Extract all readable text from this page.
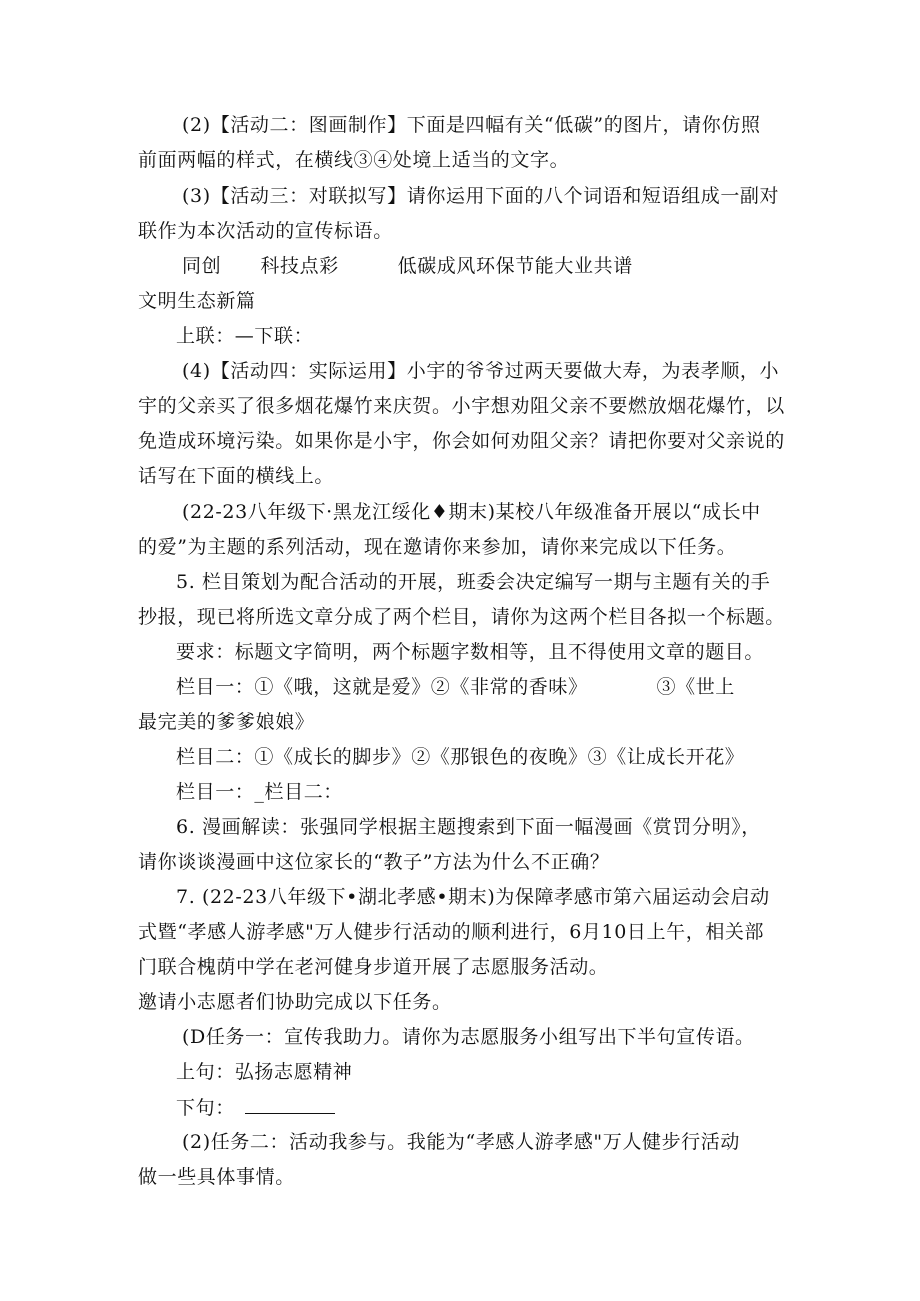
(2)【活动二：图画制作】下面是四幅有关“低碳”的图片，请你仿照
前面两幅的样式，在横线③④处境上适当的文字。
(3)【活动三：对联拟写】请你运用下面的八个词语和短语组成一副对
联作为本次活动的宣传标语。
同创　　科技点彩　　　低碳成风环保节能大业共谱
文明生态新篇
上联：—下联：
(4)【活动四：实际运用】小宇的爷爷过两天要做大寿，为表孝顺，小
宇的父亲买了很多烟花爆竹来庆贺。小宇想劝阻父亲不要燃放烟花爆竹，以
免造成环境污染。如果你是小宇，你会如何劝阻父亲？请把你要对父亲说的
话写在下面的横线上。
(22-23八年级下·黑龙江绥化♦期末)某校八年级准备开展以“成长中
的爱”为主题的系列活动，现在邀请你来参加，请你来完成以下任务。
5. 栏目策划为配合活动的开展，班委会决定编写一期与主题有关的手
抄报，现已将所选文章分成了两个栏目，请你为这两个栏目各拟一个标题。
要求：标题文字简明，两个标题字数相等，且不得使用文章的题目。
栏目一：①《哦，这就是爱》②《非常的香味》　　　　③《世上
最完美的爹爹娘娘》
栏目二：①《成长的脚步》②《那银色的夜晚》③《让成长开花》
栏目一：_栏目二：
6. 漫画解读：张强同学根据主题搜索到下面一幅漫画《赏罚分明》，
请你谈谈漫画中这位家长的“教子”方法为什么不正确？
7. (22-23八年级下•湖北孝感•期末)为保障孝感市第六届运动会启动
式暨“孝感人游孝感"万人健步行活动的顺利进行，6月10日上午，相关部
门联合槐荫中学在老河健身步道开展了志愿服务活动。
邀请小志愿者们协助完成以下任务。
(D任务一：宣传我助力。请你为志愿服务小组写出下半句宣传语。
上句：弘扬志愿精神
下句：
(2)任务二：活动我参与。我能为“孝感人游孝感"万人健步行活动
做一些具体事情。
